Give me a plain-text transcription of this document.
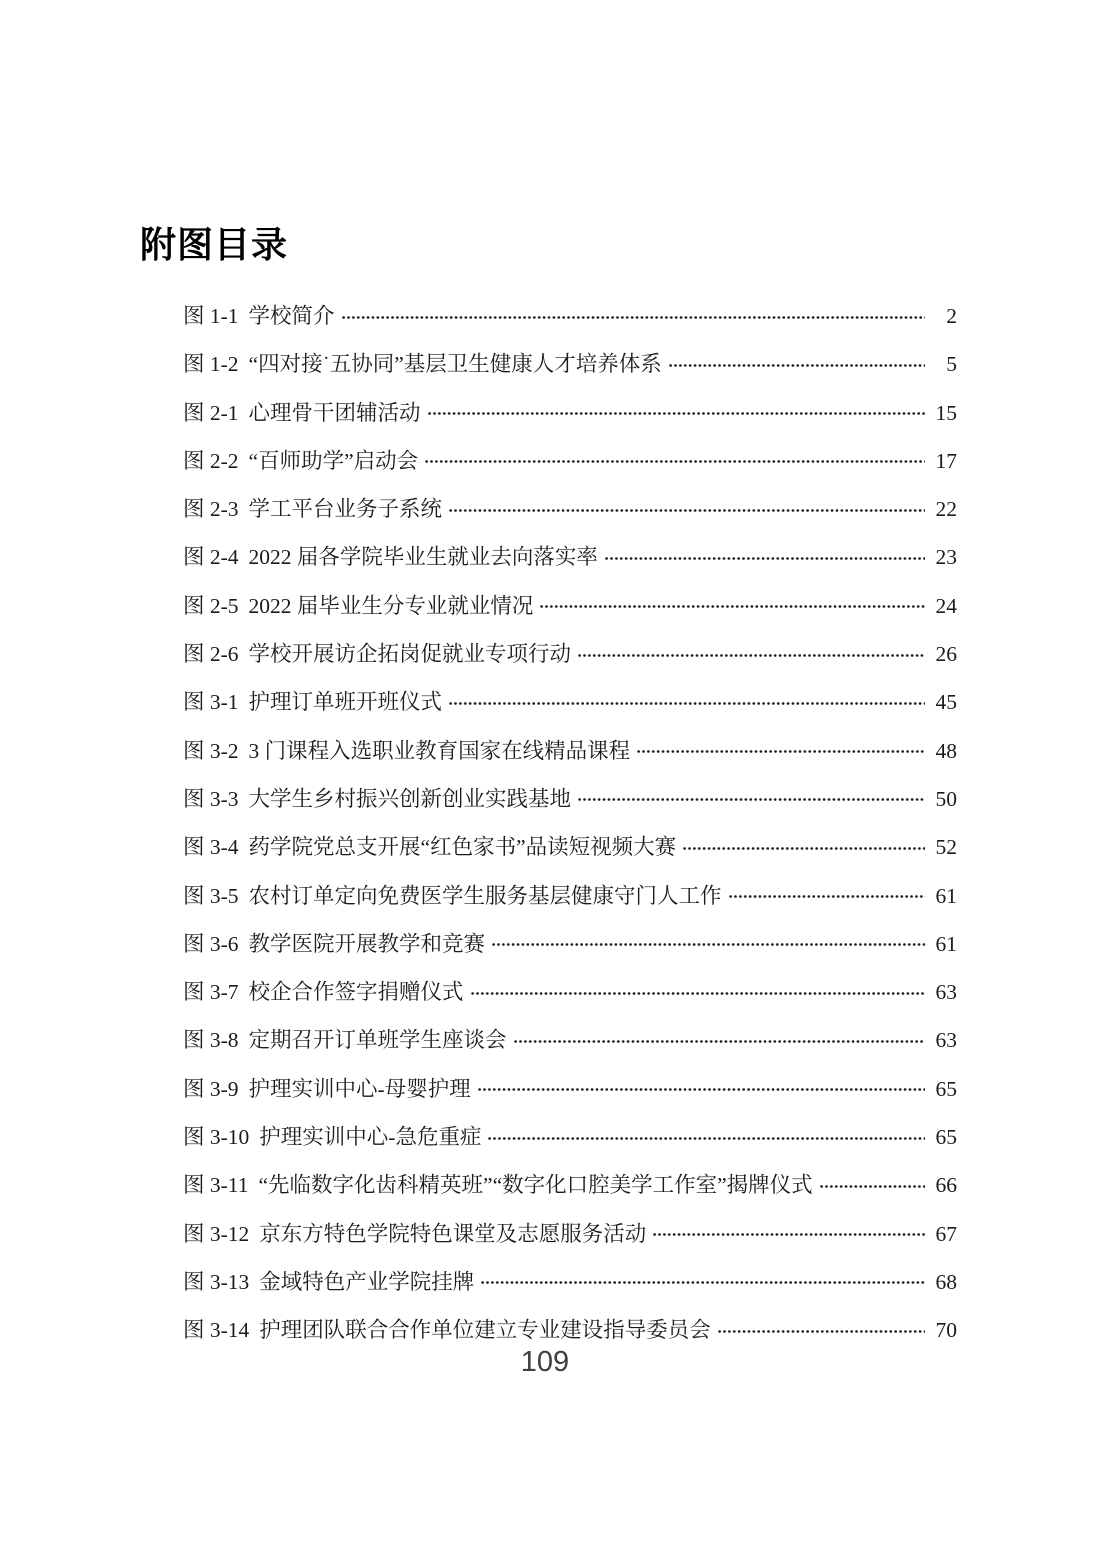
附图目录
图 1-1 学校简介	2
图 1-2 “四对接˙五协同”基层卫生健康人才培养体系	5
图 2-1 心理骨干团辅活动	15
图 2-2 “百师助学”启动会	17
图 2-3 学工平台业务子系统	22
图 2-4 2022 届各学院毕业生就业去向落实率	23
图 2-5 2022 届毕业生分专业就业情况	24
图 2-6 学校开展访企拓岗促就业专项行动	26
图 3-1 护理订单班开班仪式	45
图 3-2 3 门课程入选职业教育国家在线精品课程	48
图 3-3 大学生乡村振兴创新创业实践基地	50
图 3-4 药学院党总支开展“红色家书”品读短视频大赛	52
图 3-5 农村订单定向免费医学生服务基层健康守门人工作	61
图 3-6 教学医院开展教学和竞赛	61
图 3-7 校企合作签字捐赠仪式	63
图 3-8 定期召开订单班学生座谈会	63
图 3-9 护理实训中心-母婴护理	65
图 3-10 护理实训中心-急危重症	65
图 3-11 “先临数字化齿科精英班”“数字化口腔美学工作室”揭牌仪式	66
图 3-12 京东方特色学院特色课堂及志愿服务活动	67
图 3-13 金域特色产业学院挂牌	68
图 3-14 护理团队联合合作单位建立专业建设指导委员会	70
109
